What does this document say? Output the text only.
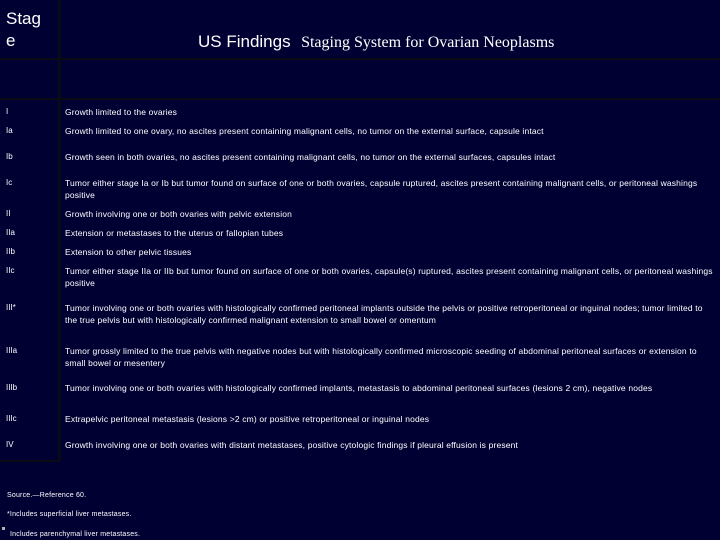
Stage	US Findings Staging System for Ovarian Neoplasms
I	Growth limited to the ovaries
Ia	Growth limited to one ovary, no ascites present containing malignant cells, no tumor on the external surface, capsule intact
Ib	Growth seen in both ovaries, no ascites present containing malignant cells, no tumor on the external surfaces, capsules intact
Ic	Tumor either stage Ia or Ib but tumor found on surface of one or both ovaries, capsule ruptured, ascites present containing malignant cells, or peritoneal washings positive
II	Growth involving one or both ovaries with pelvic extension
IIa	Extension or metastases to the uterus or fallopian tubes
IIb	Extension to other pelvic tissues
IIc	Tumor either stage IIa or IIb but tumor found on surface of one or both ovaries, capsule(s) ruptured, ascites present containing malignant cells, or peritoneal washings positive
III*	Tumor involving one or both ovaries with histologically confirmed peritoneal implants outside the pelvis or positive retroperitoneal or inguinal nodes; tumor limited to the true pelvis but with histologically confirmed malignant extension to small bowel or omentum
IIIa	Tumor grossly limited to the true pelvis with negative nodes but with histologically confirmed microscopic seeding of abdominal peritoneal surfaces or extension to small bowel or mesentery
IIIb	Tumor involving one or both ovaries with histologically confirmed implants, metastasis to abdominal peritoneal surfaces (lesions 2 cm), negative nodes
IIIc	Extrapelvic peritoneal metastasis (lesions >2 cm) or positive retroperitoneal or inguinal nodes
IV	Growth involving one or both ovaries with distant metastases, positive cytologic findings if pleural effusion is present
Source.—Reference 60.
*Includes superficial liver metastases.
Includes parenchymal liver metastases.
